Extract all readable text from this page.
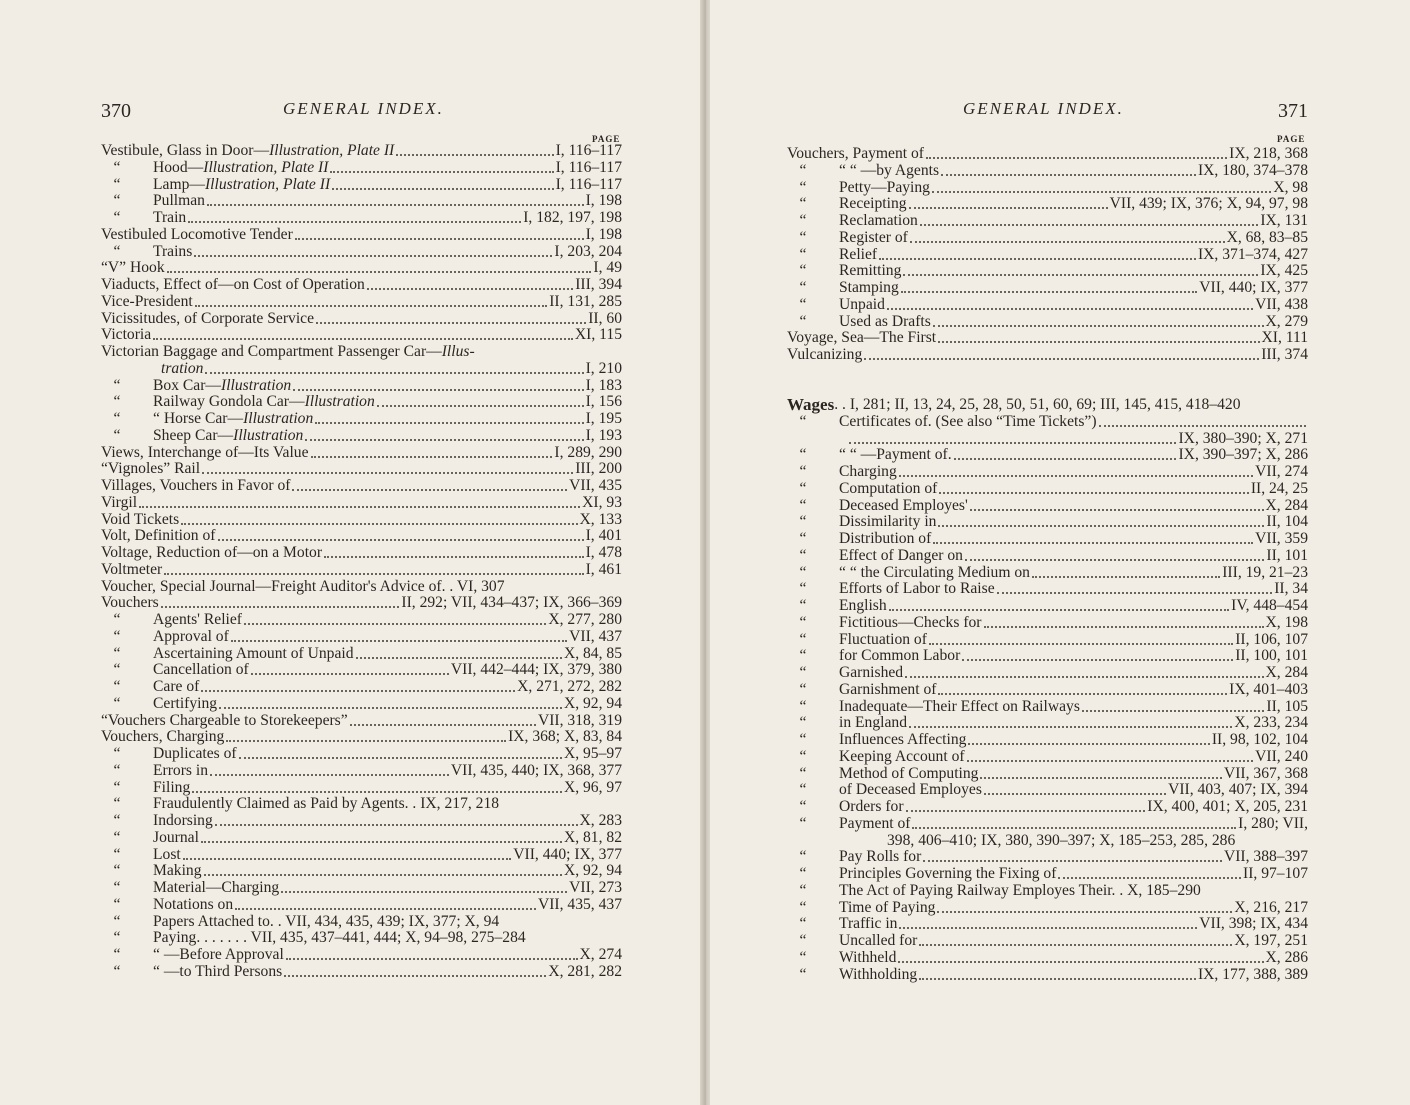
370	GENERAL INDEX.
PAGE
Vestibule, Glass in Door—Illustration, Plate II	I, 116–117
“	Hood—Illustration, Plate II	I, 116–117
“	Lamp—Illustration, Plate II	I, 116–117
“	Pullman	I, 198
“	Train	I, 182, 197, 198
Vestibuled Locomotive Tender	I, 198
“	Trains	I, 203, 204
“V” Hook	I, 49
Viaducts, Effect of—on Cost of Operation	III, 394
Vice-President	II, 131, 285
Vicissitudes, of Corporate Service	II, 60
Victoria	XI, 115
Victorian Baggage and Compartment Passenger Car—Illus-
tration	I, 210
“	Box Car—Illustration	I, 183
“	Railway Gondola Car—Illustration	I, 156
“	“ Horse Car—Illustration	I, 195
“	Sheep Car—Illustration	I, 193
Views, Interchange of—Its Value	I, 289, 290
“Vignoles” Rail	III, 200
Villages, Vouchers in Favor of	VII, 435
Virgil	XI, 93
Void Tickets	X, 133
Volt, Definition of	I, 401
Voltage, Reduction of—on a Motor	I, 478
Voltmeter	I, 461
Voucher, Special Journal—Freight Auditor's Advice of. . VI, 307
Vouchers	II, 292; VII, 434–437; IX, 366–369
“	Agents' Relief	X, 277, 280
“	Approval of	VII, 437
“	Ascertaining Amount of Unpaid	X, 84, 85
“	Cancellation of	VII, 442–444; IX, 379, 380
“	Care of	X, 271, 272, 282
“	Certifying	X, 92, 94
“Vouchers Chargeable to Storekeepers”	VII, 318, 319
Vouchers, Charging	IX, 368; X, 83, 84
“	Duplicates of	X, 95–97
“	Errors in	VII, 435, 440; IX, 368, 377
“	Filing	X, 96, 97
“	Fraudulently Claimed as Paid by Agents. . IX, 217, 218
“	Indorsing	X, 283
“	Journal	X, 81, 82
“	Lost	VII, 440; IX, 377
“	Making	X, 92, 94
“	Material—Charging	VII, 273
“	Notations on	VII, 435, 437
“	Papers Attached to. . VII, 434, 435, 439; IX, 377; X, 94
“	Paying. . . . . . . VII, 435, 437–441, 444; X, 94–98, 275–284
“	“ —Before Approval	X, 274
“	“ —to Third Persons	X, 281, 282
GENERAL INDEX.	371
PAGE
Vouchers, Payment of	IX, 218, 368
“	“ “ —by Agents	IX, 180, 374–378
“	Petty—Paying	X, 98
“	Receipting	VII, 439; IX, 376; X, 94, 97, 98
“	Reclamation	IX, 131
“	Register of	X, 68, 83–85
“	Relief	IX, 371–374, 427
“	Remitting	IX, 425
“	Stamping	VII, 440; IX, 377
“	Unpaid	VII, 438
“	Used as Drafts	X, 279
Voyage, Sea—The First	XI, 111
Vulcanizing	III, 374
Wages . . I, 281; II, 13, 24, 25, 28, 50, 51, 60, 69; III, 145, 415, 418–420
“	Certificates of. (See also “Time Tickets”)
IX, 380–390; X, 271
“	“ “ —Payment of.	IX, 390–397; X, 286
“	Charging	VII, 274
“	Computation of	II, 24, 25
“	Deceased Employes'	X, 284
“	Dissimilarity in	II, 104
“	Distribution of	VII, 359
“	Effect of Danger on	II, 101
“	“ “ the Circulating Medium on	III, 19, 21–23
“	Efforts of Labor to Raise	II, 34
“	English	IV, 448–454
“	Fictitious—Checks for	X, 198
“	Fluctuation of	II, 106, 107
“	for Common Labor	II, 100, 101
“	Garnished	X, 284
“	Garnishment of	IX, 401–403
“	Inadequate—Their Effect on Railways	II, 105
“	in England	X, 233, 234
“	Influences Affecting	II, 98, 102, 104
“	Keeping Account of	VII, 240
“	Method of Computing	VII, 367, 368
“	of Deceased Employes	VII, 403, 407; IX, 394
“	Orders for	IX, 400, 401; X, 205, 231
“	Payment of	I, 280; VII,
398, 406–410; IX, 380, 390–397; X, 185–253, 285, 286
“	Pay Rolls for	VII, 388–397
“	Principles Governing the Fixing of	II, 97–107
“	The Act of Paying Railway Employes Their. . X, 185–290
“	Time of Paying	X, 216, 217
“	Traffic in	VII, 398; IX, 434
“	Uncalled for	X, 197, 251
“	Withheld	X, 286
“	Withholding	IX, 177, 388, 389
